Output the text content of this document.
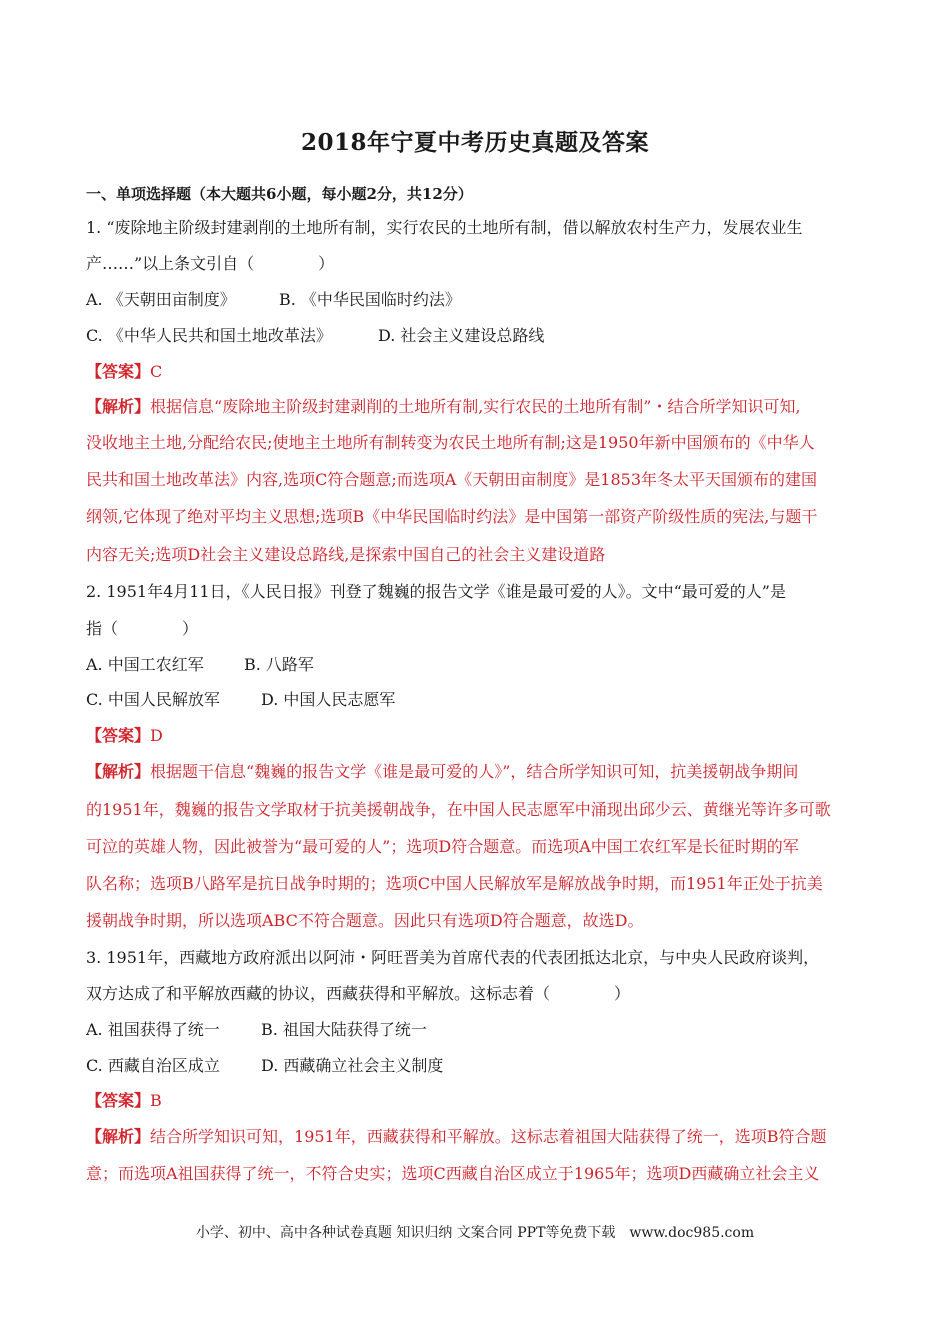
2018年宁夏中考历史真题及答案
一、单项选择题（本大题共6小题，每小题2分，共12分）
1. “废除地主阶级封建剥削的土地所有制，实行农民的土地所有制，借以解放农村生产力，发展农业生
产……”以上条文引自（　　　　）
A. 《天朝田亩制度》	B. 《中华民国临时约法》
C. 《中华人民共和国土地改革法》	D. 社会主义建设总路线
【答案】C
【解析】根据信息“废除地主阶级封建剥削的土地所有制,实行农民的土地所有制”・结合所学知识可知,
没收地主土地,分配给农民;使地主土地所有制转变为农民土地所有制;这是1950年新中国颁布的《中华人
民共和国土地改革法》内容,选项C符合题意;而选项A《天朝田亩制度》是1853年冬太平天国颁布的建国
纲领,它体现了绝对平均主义思想;选项B《中华民国临时约法》是中国第一部资产阶级性质的宪法,与题干
内容无关;选项D社会主义建设总路线,是探索中国自己的社会主义建设道路
2. 1951年4月11日，《人民日报》刊登了魏巍的报告文学《谁是最可爱的人》。文中“最可爱的人”是
指（　　　　）
A. 中国工农红军	B. 八路军
C. 中国人民解放军	D. 中国人民志愿军
【答案】D
【解析】根据题干信息“魏巍的报告文学《谁是最可爱的人》”，结合所学知识可知，抗美援朝战争期间
的1951年，魏巍的报告文学取材于抗美援朝战争，在中国人民志愿军中涌现出邱少云、黄继光等许多可歌
可泣的英雄人物，因此被誉为“最可爱的人”；选项D符合题意。而选项A中国工农红军是长征时期的军
队名称；选项B八路军是抗日战争时期的；选项C中国人民解放军是解放战争时期，而1951年正处于抗美
援朝战争时期，所以选项ABC不符合题意。因此只有选项D符合题意，故选D。
3. 1951年，西藏地方政府派出以阿沛・阿旺晋美为首席代表的代表团抵达北京，与中央人民政府谈判，
双方达成了和平解放西藏的协议，西藏获得和平解放。这标志着（　　　　）
A. 祖国获得了统一	B. 祖国大陆获得了统一
C. 西藏自治区成立	D. 西藏确立社会主义制度
【答案】B
【解析】结合所学知识可知，1951年，西藏获得和平解放。这标志着祖国大陆获得了统一，选项B符合题
意；而选项A祖国获得了统一，不符合史实；选项C西藏自治区成立于1965年；选项D西藏确立社会主义
小学、初中、高中各种试卷真题 知识归纳 文案合同 PPT等免费下载　www.doc985.com
